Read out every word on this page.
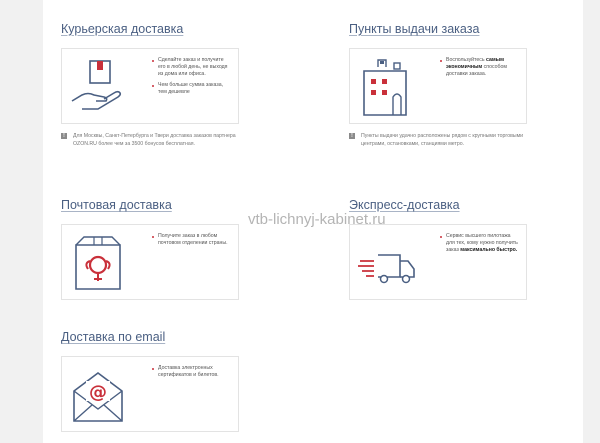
Курьерская доставка
Сделайте заказ и получите его в любой день, не выходя из дома или офиса.
Чем больше сумма заказа, тем дешевле
!	Для Москвы, Санкт-Петербурга и Твери доставка заказов партнера OZON.RU более чем за 3500 бонусов бесплатная.
Пункты выдачи заказа
Воспользуйтесь самым экономичным способом доставки заказа.
!	Пункты выдачи удачно расположены рядом с крупными торговыми центрами, остановками, станциями метро.
Почтовая доставка
Получите заказ в любом почтовом отделении страны.
Экспресс-доставка
Сервис высшего пилотажа для тех, кому нужно получить заказ максимально быстро.
Доставка по email
@
Доставка электронных сертификатов и билетов.
vtb-lichnyj-kabinet.ru
